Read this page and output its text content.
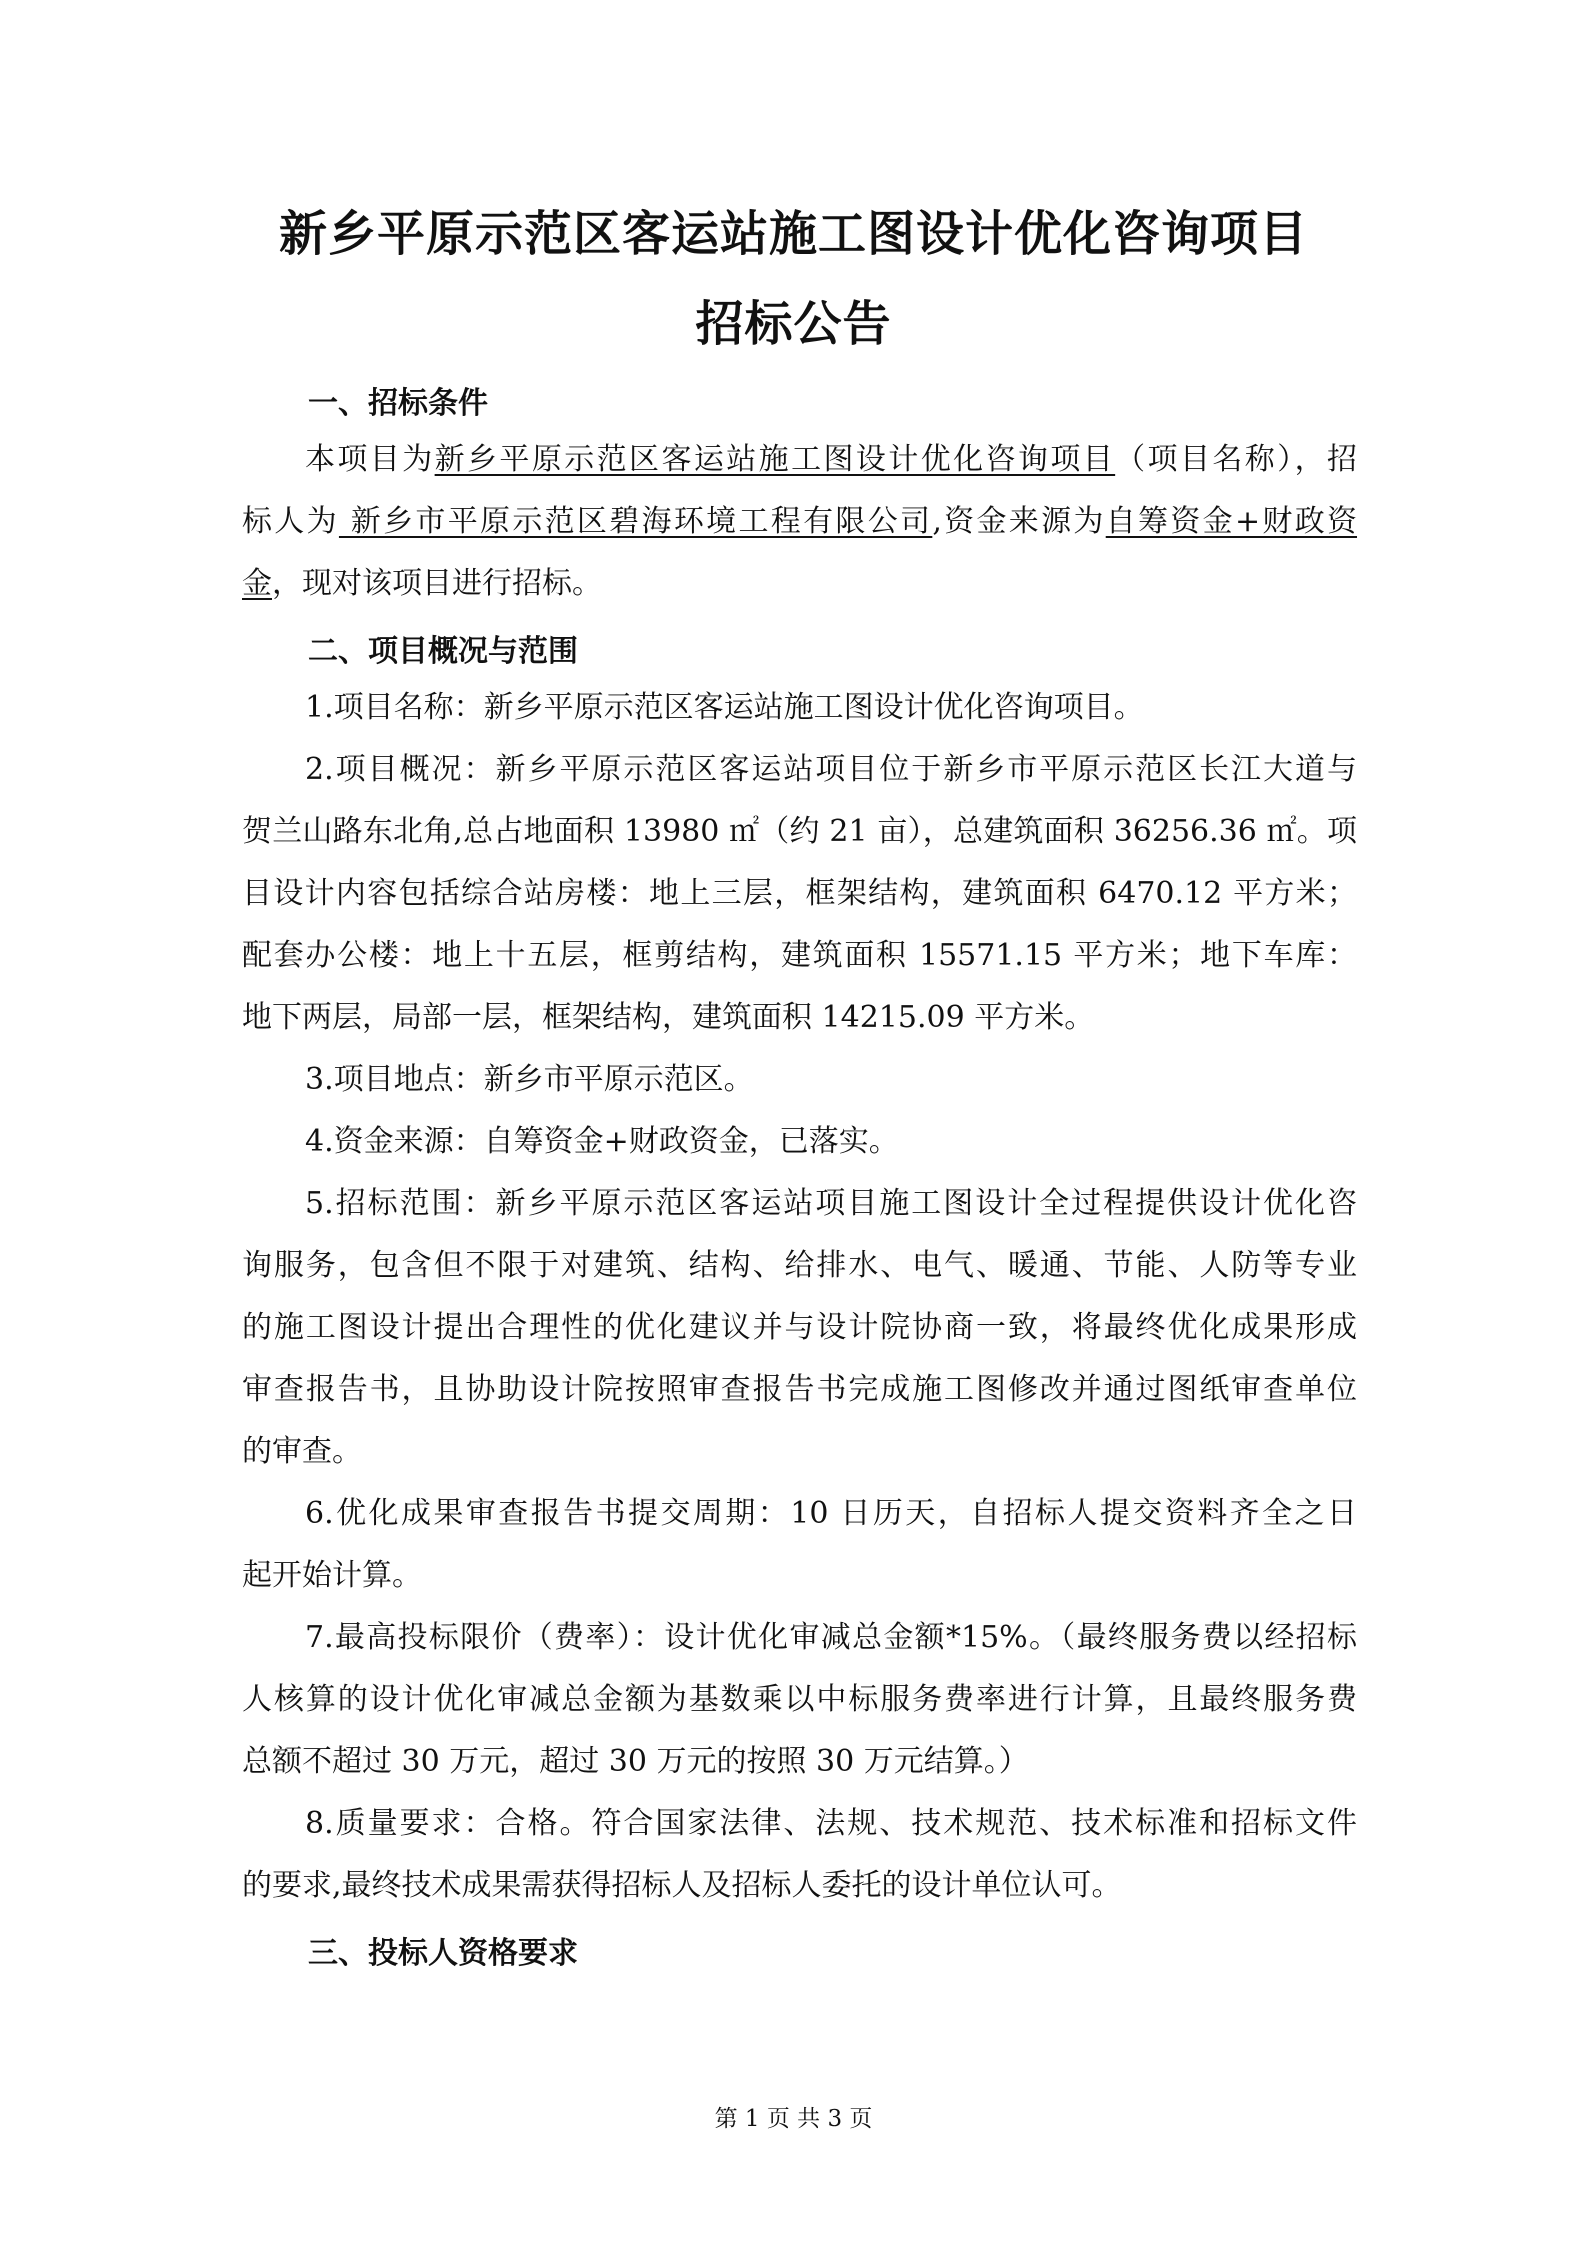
新乡平原示范区客运站施工图设计优化咨询项目
招标公告
一、招标条件
本项目为新乡平原示范区客运站施工图设计优化咨询项目（项目名称），招
标人为 新乡市平原示范区碧海环境工程有限公司,资金来源为自筹资金+财政资
金，现对该项目进行招标。
二、项目概况与范围
1.项目名称：新乡平原示范区客运站施工图设计优化咨询项目。
2.项目概况：新乡平原示范区客运站项目位于新乡市平原示范区长江大道与
贺兰山路东北角,总占地面积 13980 ㎡（约 21 亩），总建筑面积 36256.36 ㎡。项
目设计内容包括综合站房楼：地上三层，框架结构，建筑面积 6470.12 平方米；
配套办公楼：地上十五层，框剪结构，建筑面积 15571.15 平方米；地下车库：
地下两层，局部一层，框架结构，建筑面积 14215.09 平方米。
3.项目地点：新乡市平原示范区。
4.资金来源：自筹资金+财政资金，已落实。
5.招标范围：新乡平原示范区客运站项目施工图设计全过程提供设计优化咨
询服务，包含但不限于对建筑、结构、给排水、电气、暖通、节能、人防等专业
的施工图设计提出合理性的优化建议并与设计院协商一致，将最终优化成果形成
审查报告书，且协助设计院按照审查报告书完成施工图修改并通过图纸审查单位
的审查。
6.优化成果审查报告书提交周期：10 日历天，自招标人提交资料齐全之日
起开始计算。
7.最高投标限价（费率）：设计优化审减总金额*15%。（最终服务费以经招标
人核算的设计优化审减总金额为基数乘以中标服务费率进行计算，且最终服务费
总额不超过 30 万元，超过 30 万元的按照 30 万元结算。）
8.质量要求：合格。符合国家法律、法规、技术规范、技术标准和招标文件
的要求,最终技术成果需获得招标人及招标人委托的设计单位认可。
三、投标人资格要求
第 1 页 共 3 页
